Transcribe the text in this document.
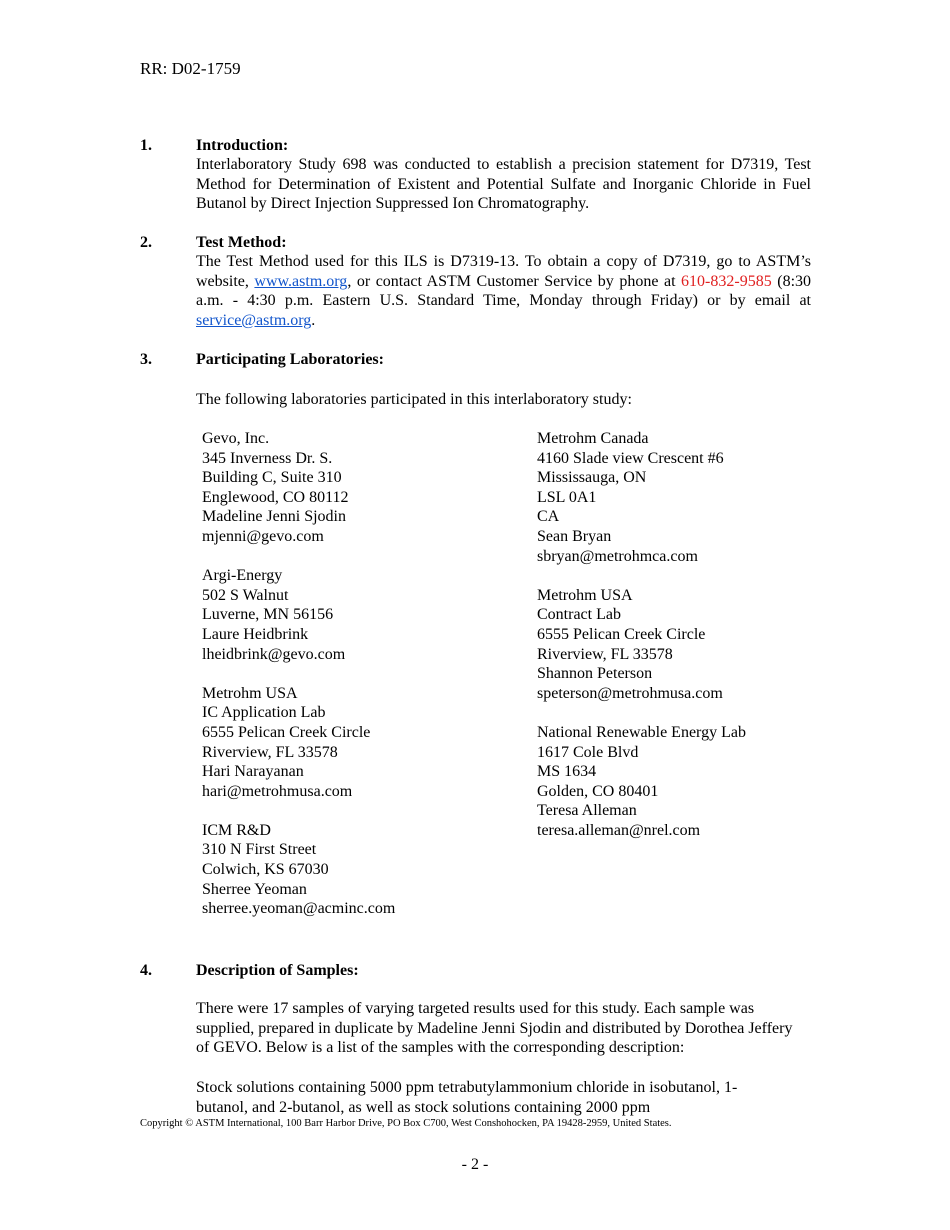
RR: D02-1759
1.	Introduction:
Interlaboratory Study 698 was conducted to establish a precision statement for D7319, Test Method for Determination of Existent and Potential Sulfate and Inorganic Chloride in Fuel Butanol by Direct Injection Suppressed Ion Chromatography.
2.	Test Method:
The Test Method used for this ILS is D7319-13. To obtain a copy of D7319, go to ASTM’s website, www.astm.org, or contact ASTM Customer Service by phone at 610-832-9585 (8:30 a.m. - 4:30 p.m. Eastern U.S. Standard Time, Monday through Friday) or by email at service@astm.org.
3.	Participating Laboratories:
The following laboratories participated in this interlaboratory study:
Gevo, Inc.
345 Inverness Dr. S.
Building C, Suite 310
Englewood, CO 80112
Madeline Jenni Sjodin
mjenni@gevo.com
Argi-Energy
502 S Walnut
Luverne, MN 56156
Laure Heidbrink
lheidbrink@gevo.com
Metrohm USA
IC Application Lab
6555 Pelican Creek Circle
Riverview, FL 33578
Hari Narayanan
hari@metrohmusa.com
ICM R&D
310 N First Street
Colwich, KS 67030
Sherree Yeoman
sherree.yeoman@acminc.com
Metrohm Canada
4160 Slade view Crescent #6
Mississauga, ON
LSL 0A1
CA
Sean Bryan
sbryan@metrohmca.com
Metrohm USA
Contract Lab
6555 Pelican Creek Circle
Riverview, FL 33578
Shannon Peterson
speterson@metrohmusa.com
National Renewable Energy Lab
1617 Cole Blvd
MS 1634
Golden, CO 80401
Teresa Alleman
teresa.alleman@nrel.com
4.	Description of Samples:
There were 17 samples of varying targeted results used for this study. Each sample was supplied, prepared in duplicate by Madeline Jenni Sjodin and distributed by Dorothea Jeffery of GEVO. Below is a list of the samples with the corresponding description:
Stock solutions containing 5000 ppm tetrabutylammonium chloride in isobutanol, 1-butanol, and 2-butanol, as well as stock solutions containing 2000 ppm
Copyright © ASTM International, 100 Barr Harbor Drive, PO Box C700, West Conshohocken, PA 19428-2959, United States.
- 2 -
